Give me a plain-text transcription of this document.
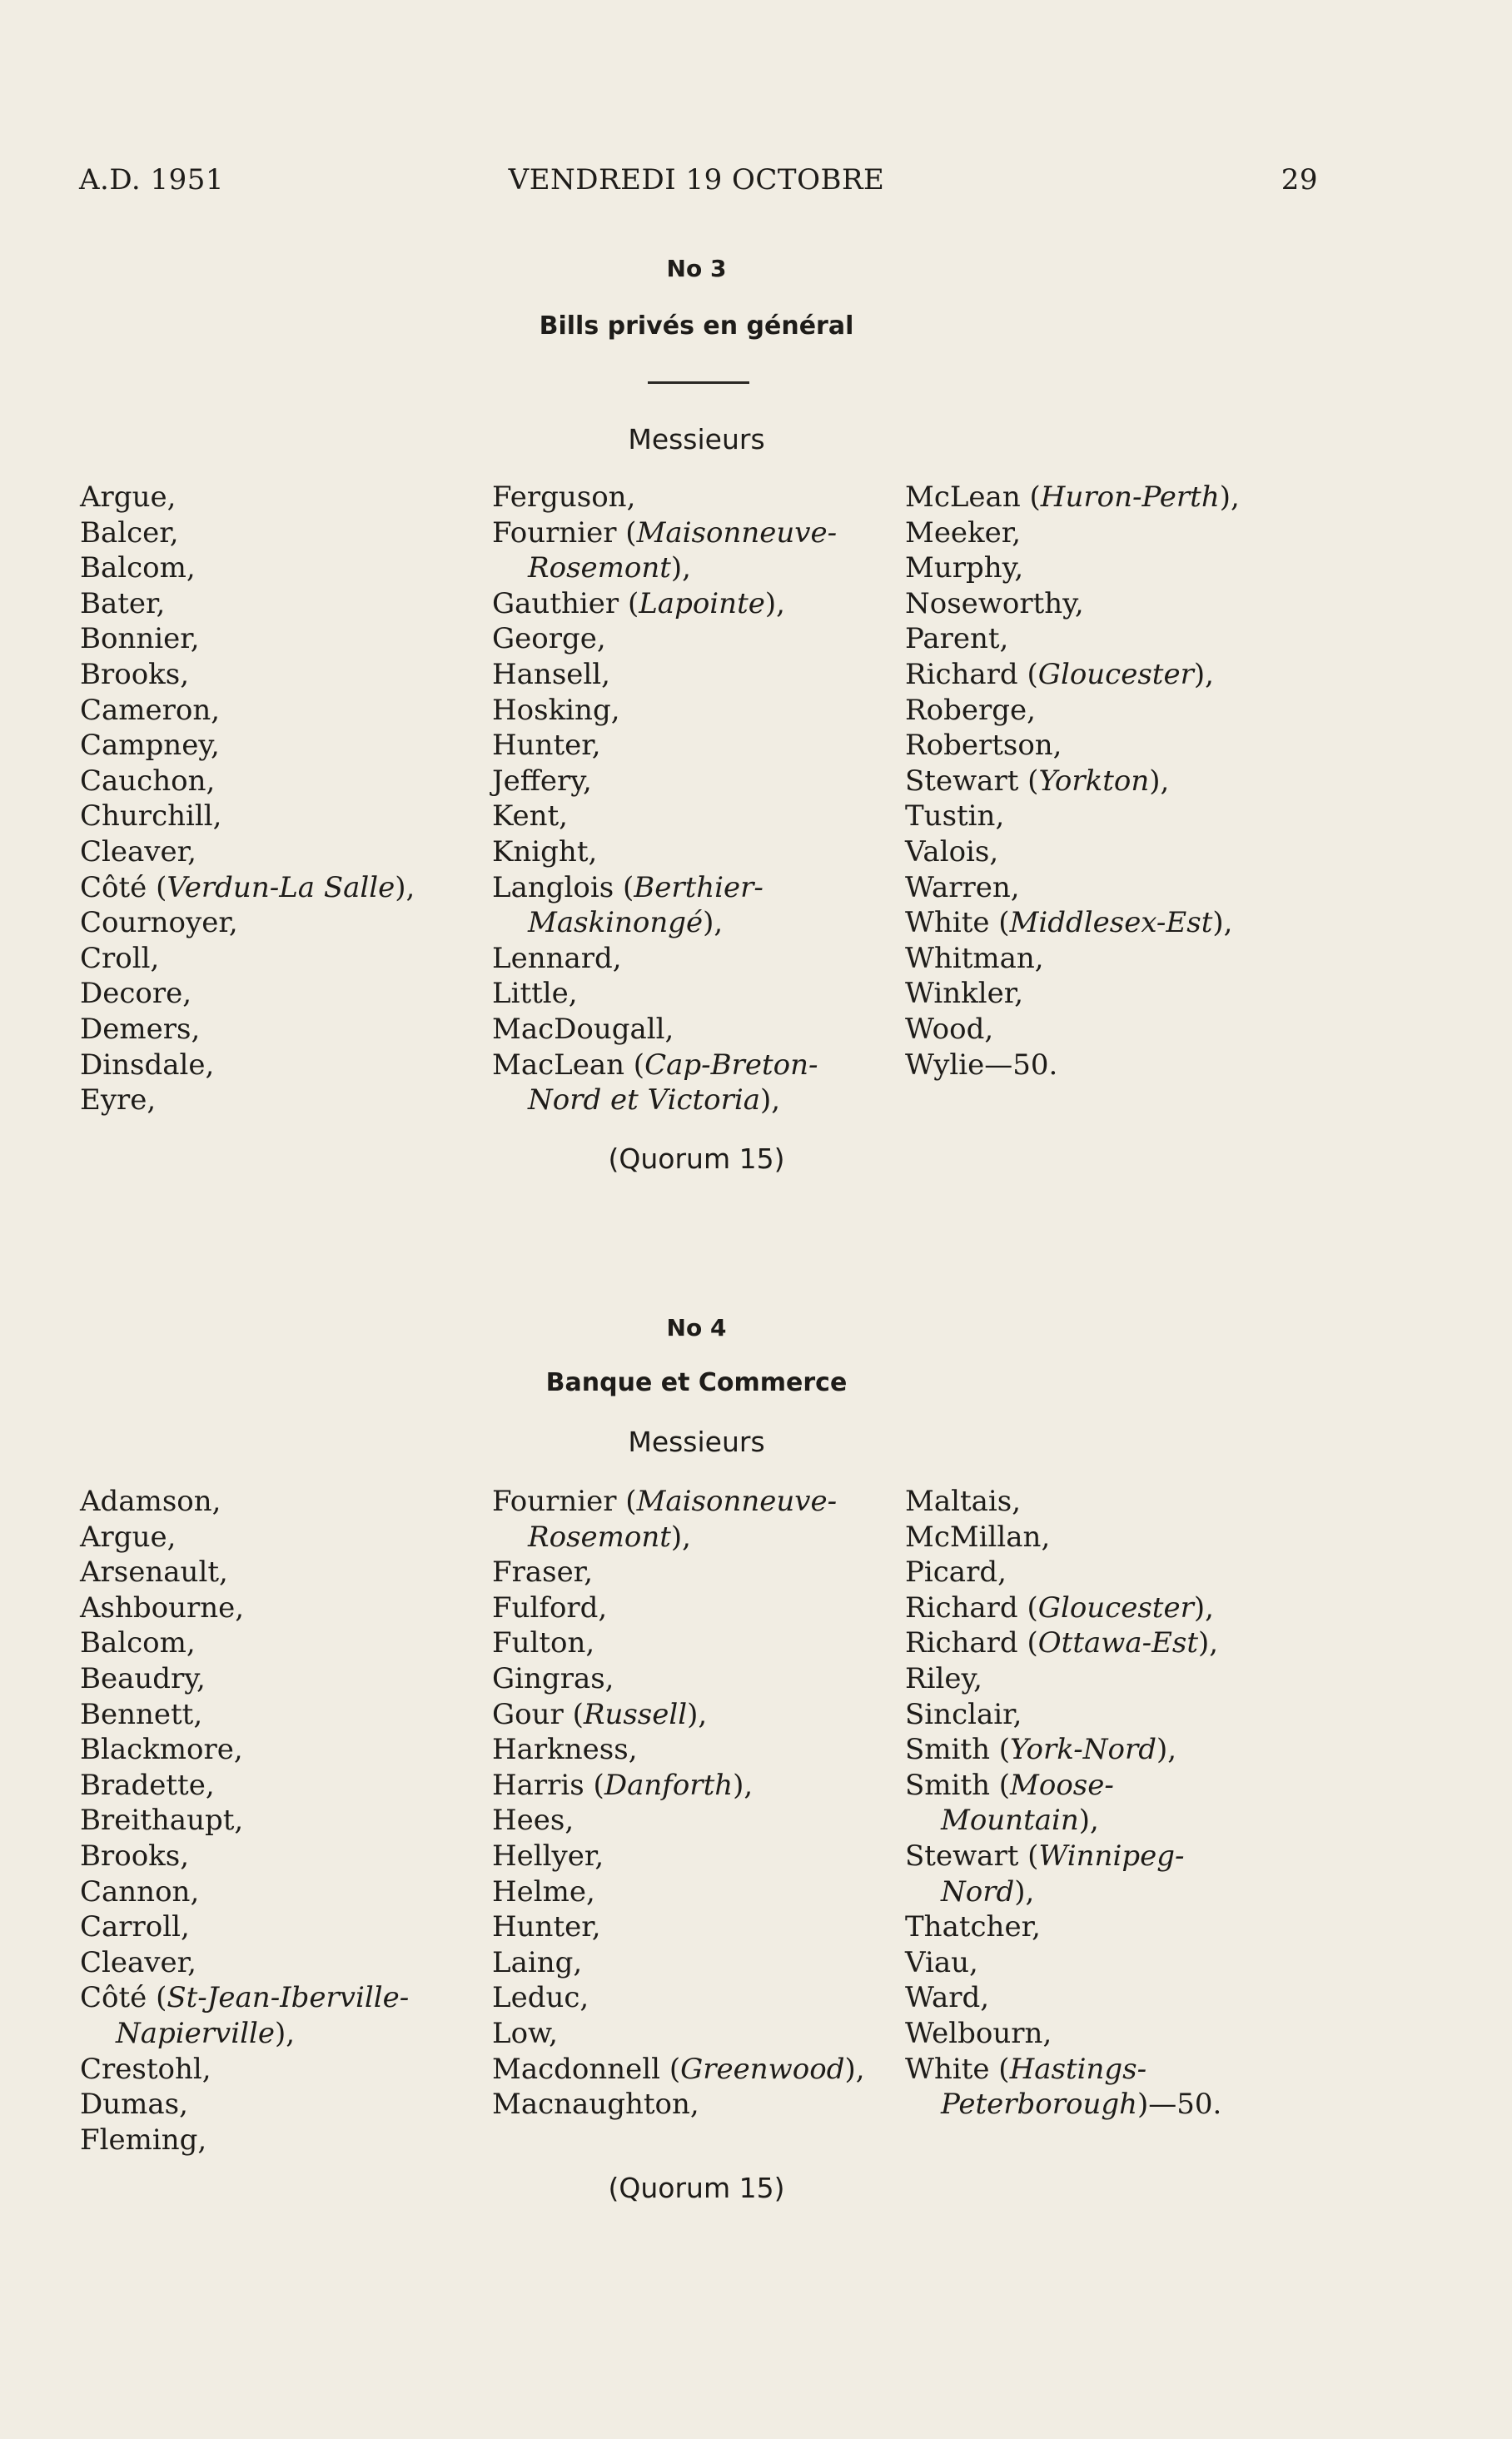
A.D. 1951	VENDREDI 19 OCTOBRE	29
No 3
Bills privés en général
Messieurs
Argue,
Balcer,
Balcom,
Bater,
Bonnier,
Brooks,
Cameron,
Campney,
Cauchon,
Churchill,
Cleaver,
Côté (Verdun-La Salle),
Cournoyer,
Croll,
Decore,
Demers,
Dinsdale,
Eyre,
Ferguson,
Fournier (Maisonneuve-
Rosemont),
Gauthier (Lapointe),
George,
Hansell,
Hosking,
Hunter,
Jeffery,
Kent,
Knight,
Langlois (Berthier-
Maskinongé),
Lennard,
Little,
MacDougall,
MacLean (Cap-Breton-
Nord et Victoria),
McLean (Huron-Perth),
Meeker,
Murphy,
Noseworthy,
Parent,
Richard (Gloucester),
Roberge,
Robertson,
Stewart (Yorkton),
Tustin,
Valois,
Warren,
White (Middlesex-Est),
Whitman,
Winkler,
Wood,
Wylie—50.
(Quorum 15)
No 4
Banque et Commerce
Messieurs
Adamson,
Argue,
Arsenault,
Ashbourne,
Balcom,
Beaudry,
Bennett,
Blackmore,
Bradette,
Breithaupt,
Brooks,
Cannon,
Carroll,
Cleaver,
Côté (St-Jean-Iberville-
Napierville),
Crestohl,
Dumas,
Fleming,
Fournier (Maisonneuve-
Rosemont),
Fraser,
Fulford,
Fulton,
Gingras,
Gour (Russell),
Harkness,
Harris (Danforth),
Hees,
Hellyer,
Helme,
Hunter,
Laing,
Leduc,
Low,
Macdonnell (Greenwood),
Macnaughton,
Maltais,
McMillan,
Picard,
Richard (Gloucester),
Richard (Ottawa-Est),
Riley,
Sinclair,
Smith (York-Nord),
Smith (Moose-
Mountain),
Stewart (Winnipeg-
Nord),
Thatcher,
Viau,
Ward,
Welbourn,
White (Hastings-
Peterborough)—50.
(Quorum 15)
